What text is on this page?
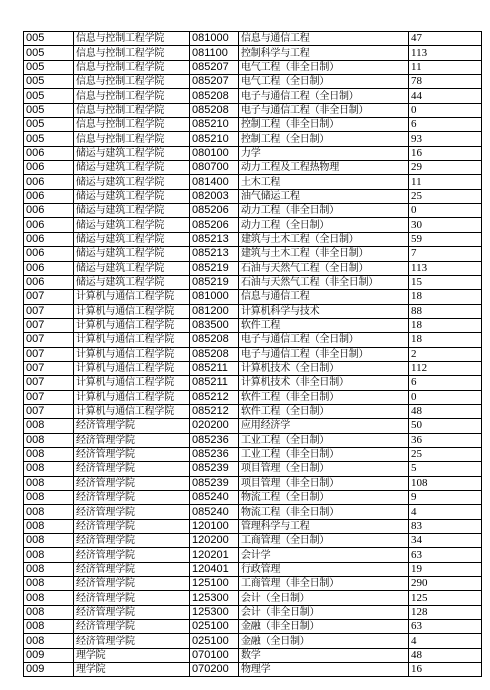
005	信息与控制工程学院	081000	信息与通信工程	47
005	信息与控制工程学院	081100	控制科学与工程	113
005	信息与控制工程学院	085207	电气工程（非全日制）	11
005	信息与控制工程学院	085207	电气工程（全日制）	78
005	信息与控制工程学院	085208	电子与通信工程（全日制）	44
005	信息与控制工程学院	085208	电子与通信工程（非全日制）	0
005	信息与控制工程学院	085210	控制工程（非全日制）	6
005	信息与控制工程学院	085210	控制工程（全日制）	93
006	储运与建筑工程学院	080100	力学	16
006	储运与建筑工程学院	080700	动力工程及工程热物理	29
006	储运与建筑工程学院	081400	土木工程	11
006	储运与建筑工程学院	082003	油气储运工程	25
006	储运与建筑工程学院	085206	动力工程（非全日制）	0
006	储运与建筑工程学院	085206	动力工程（全日制）	30
006	储运与建筑工程学院	085213	建筑与土木工程（全日制）	59
006	储运与建筑工程学院	085213	建筑与土木工程（非全日制）	7
006	储运与建筑工程学院	085219	石油与天然气工程（全日制）	113
006	储运与建筑工程学院	085219	石油与天然气工程（非全日制）	15
007	计算机与通信工程学院	081000	信息与通信工程	18
007	计算机与通信工程学院	081200	计算机科学与技术	88
007	计算机与通信工程学院	083500	软件工程	18
007	计算机与通信工程学院	085208	电子与通信工程（全日制）	18
007	计算机与通信工程学院	085208	电子与通信工程（非全日制）	2
007	计算机与通信工程学院	085211	计算机技术（全日制）	112
007	计算机与通信工程学院	085211	计算机技术（非全日制）	6
007	计算机与通信工程学院	085212	软件工程（非全日制）	0
007	计算机与通信工程学院	085212	软件工程（全日制）	48
008	经济管理学院	020200	应用经济学	50
008	经济管理学院	085236	工业工程（全日制）	36
008	经济管理学院	085236	工业工程（非全日制）	25
008	经济管理学院	085239	项目管理（全日制）	5
008	经济管理学院	085239	项目管理（非全日制）	108
008	经济管理学院	085240	物流工程（全日制）	9
008	经济管理学院	085240	物流工程（非全日制）	4
008	经济管理学院	120100	管理科学与工程	83
008	经济管理学院	120200	工商管理（全日制）	34
008	经济管理学院	120201	会计学	63
008	经济管理学院	120401	行政管理	19
008	经济管理学院	125100	工商管理（非全日制）	290
008	经济管理学院	125300	会计（全日制）	125
008	经济管理学院	125300	会计（非全日制）	128
008	经济管理学院	025100	金融（非全日制）	63
008	经济管理学院	025100	金融（全日制）	4
009	理学院	070100	数学	48
009	理学院	070200	物理学	16
